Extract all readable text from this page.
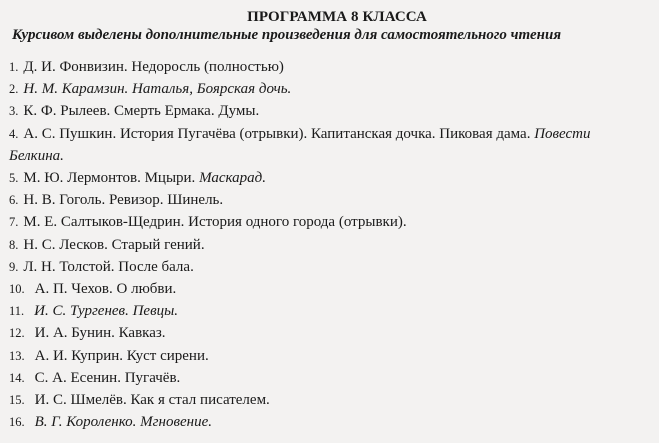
ПРОГРАММА 8 КЛАССА

Курсивом выделены дополнительные произведения для самостоятельного чтения

1. Д. И. Фонвизин. Недоросль (полностью)
2. Н. М. Карамзин. Наталья, Боярская дочь.
3. К. Ф. Рылеев. Смерть Ермака. Думы.
4. А. С. Пушкин. История Пугачёва (отрывки). Капитанская дочка. Пиковая дама. Повести Белкина.
5. М. Ю. Лермонтов. Мцыри. Маскарад.
6. Н. В. Гоголь. Ревизор. Шинель.
7. М. Е. Салтыков-Щедрин. История одного города (отрывки).
8. Н. С. Лесков. Старый гений.
9. Л. Н. Толстой. После бала.
10. А. П. Чехов. О любви.
11. И. С. Тургенев. Певцы.
12. И. А. Бунин. Кавказ.
13. А. И. Куприн. Куст сирени.
14. С. А. Есенин. Пугачёв.
15. И. С. Шмелёв. Как я стал писателем.
16. В. Г. Короленко. Мгновение.
